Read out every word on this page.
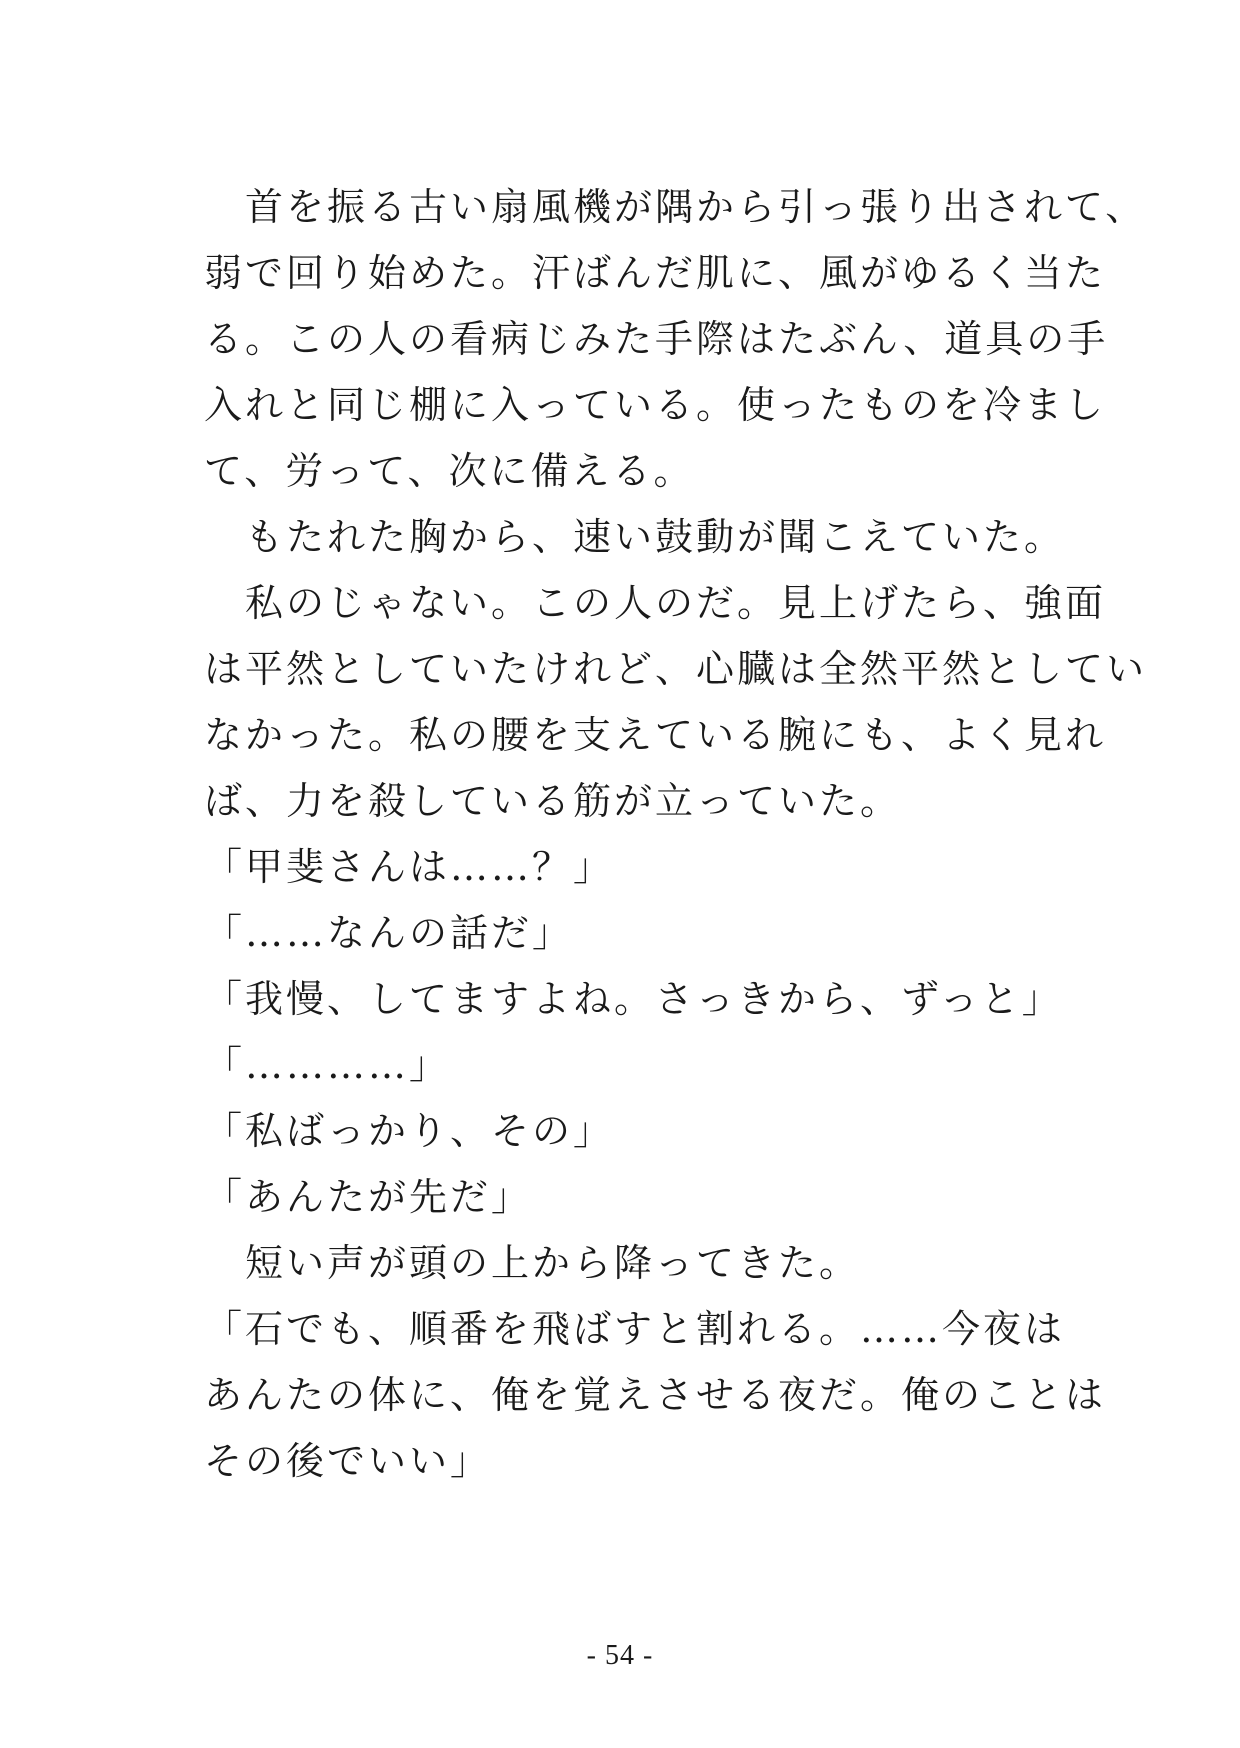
　首を振る古い扇風機が隅から引っ張り出されて、
弱で回り始めた。汗ばんだ肌に、風がゆるく当た
る。この人の看病じみた手際はたぶん、道具の手
入れと同じ棚に入っている。使ったものを冷まし
て、労って、次に備える。
　もたれた胸から、速い鼓動が聞こえていた。
　私のじゃない。この人のだ。見上げたら、強面
は平然としていたけれど、心臓は全然平然としてい
なかった。私の腰を支えている腕にも、よく見れ
ば、力を殺している筋が立っていた。
「甲斐さんは……？」
「……なんの話だ」
「我慢、してますよね。さっきから、ずっと」
「…………」
「私ばっかり、その」
「あんたが先だ」
　短い声が頭の上から降ってきた。
「石でも、順番を飛ばすと割れる。……今夜は
あんたの体に、俺を覚えさせる夜だ。俺のことは
その後でいい」
- 54 -
